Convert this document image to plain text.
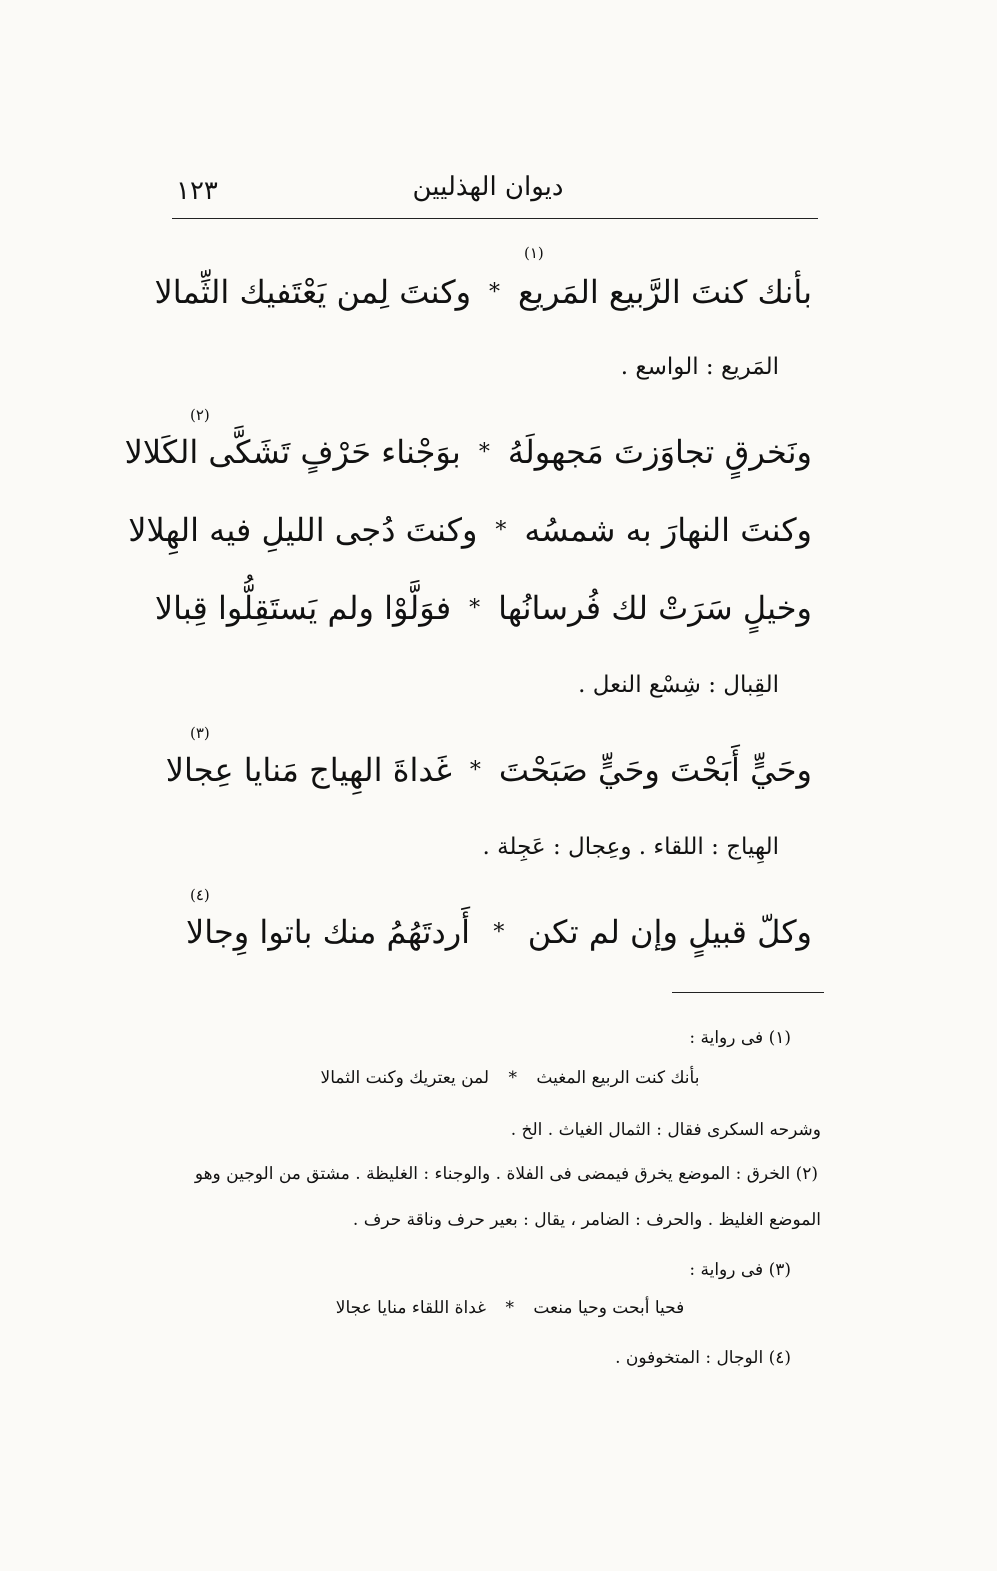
ديوان الهذليين
١٢٣
(١)
بأنك كنتَ الرَّبيع المَريع
*
وكنتَ لِمن يَعْتَفيك الثِّمالا
المَريع : الواسع .
(٢)
ونَخرقٍ تجاوَزتَ مَجهولَهُ
*
بوَجْناء حَرْفٍ تَشَكَّى الكَلالا
وكنتَ النهارَ به شمسُه
*
وكنتَ دُجى الليلِ فيه الهِلالا
وخيلٍ سَرَتْ لك فُرسانُها
*
فوَلَّوْا ولم يَستَقِلُّوا قِبالا
القِبال : شِسْع النعل .
(٣)
وحَيٍّ أَبَحْتَ وحَيٍّ صَبَحْتَ
*
غَداةَ الهِياج مَنايا عِجالا
الهِياج : اللقاء . وعِجال : عَجِلة .
(٤)
وكلّ قبيلٍ وإن لم تكن
*
أَردتَهُمُ منك باتوا وِجالا
(١) فى رواية :
بأنك كنت الربيع المغيث * لمن يعتريك وكنت الثمالا
وشرحه السكرى فقال : الثمال الغياث . الخ .
(٢) الخرق : الموضع يخرق فيمضى فى الفلاة . والوجناء : الغليظة . مشتق من الوجين وهو
الموضع الغليظ . والحرف : الضامر ، يقال : بعير حرف وناقة حرف .
(٣) فى رواية :
فحيا أبحت وحيا منعت * غداة اللقاء منايا عجالا
(٤) الوجال : المتخوفون .
